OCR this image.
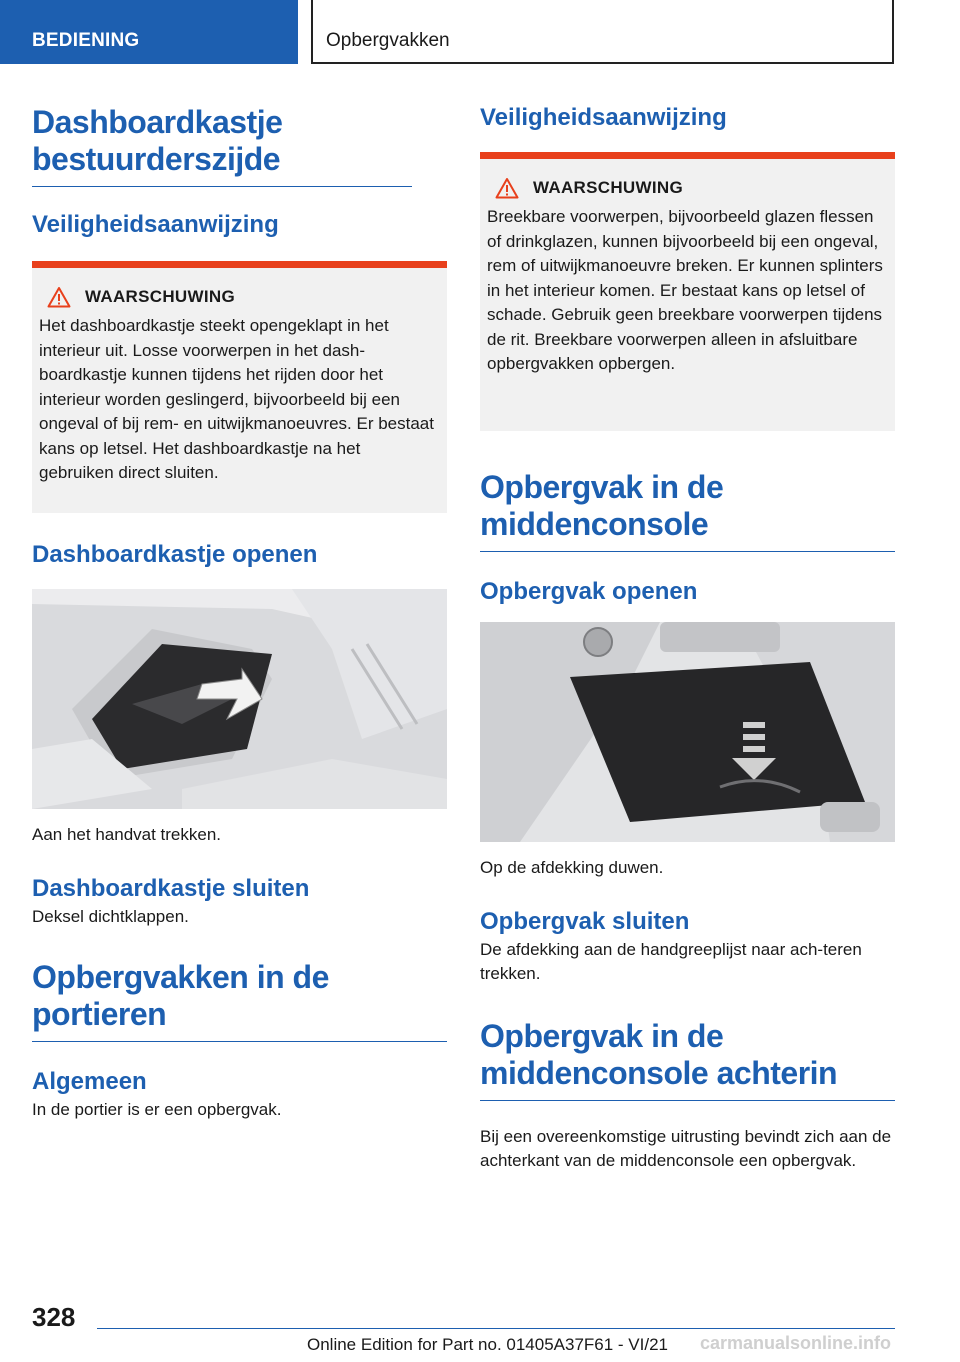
BEDIENING	Opbergvakken
Dashboardkastje bestuurderszijde
Veiligheidsaanwijzing
WAARSCHUWING
Het dashboardkastje steekt opengeklapt in het interieur uit. Losse voorwerpen in het dash-boardkastje kunnen tijdens het rijden door het interieur worden geslingerd, bijvoorbeeld bij een ongeval of bij rem- en uitwijkmanoeuvres. Er bestaat kans op letsel. Het dashboardkastje na het gebruiken direct sluiten.
Dashboardkastje openen

Aan het handvat trekken.

Dashboardkastje sluiten

Deksel dichtklappen.

Opbergvakken in de portieren
Algemeen

In de portier is er een opbergvak.

Veiligheidsaanwijzing
WAARSCHUWING
Breekbare voorwerpen, bijvoorbeeld glazen flessen of drinkglazen, kunnen bijvoorbeeld bij een ongeval, rem of uitwijkmanoeuvre breken. Er kunnen splinters in het interieur komen. Er bestaat kans op letsel of schade. Gebruik geen breekbare voorwerpen tijdens de rit. Breekbare voorwerpen alleen in afsluitbare opbergvakken opbergen.
Opbergvak in de middenconsole
Opbergvak openen

Op de afdekking duwen.

Opbergvak sluiten

De afdekking aan de handgreeplijst naar ach-teren trekken.

Opbergvak in de middenconsole achterin

Bij een overeenkomstige uitrusting bevindt zich aan de achterkant van de middenconsole een opbergvak.

328
Online Edition for Part no. 01405A37F61 - VI/21 carmanualsonline.info
